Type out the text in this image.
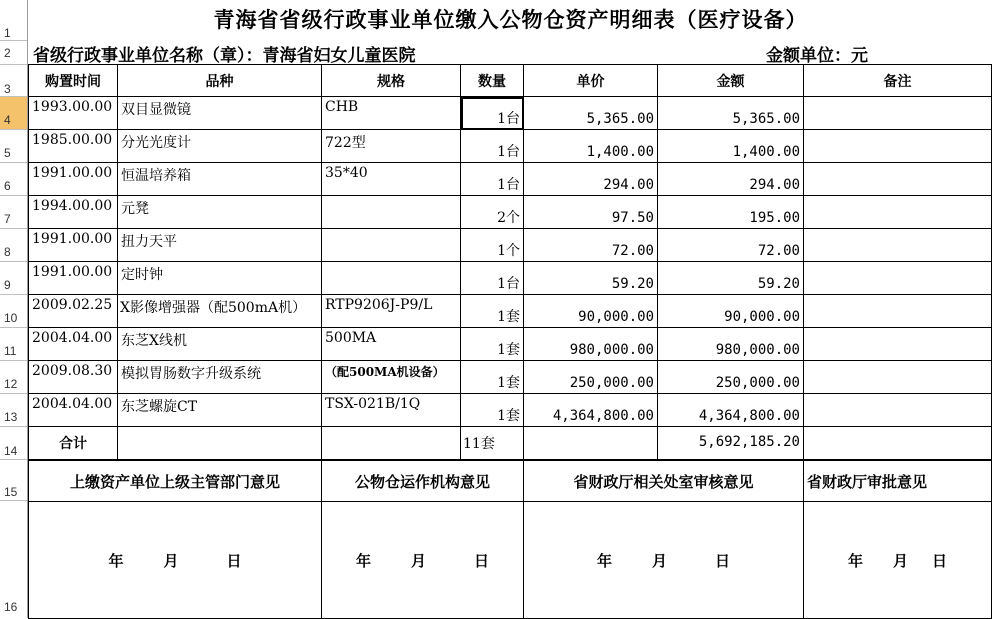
1
2
3
4
5
6
7
8
9
10
11
12
13
14
15
16
青海省省级行政事业单位缴入公物仓资产明细表（医疗设备）
省级行政事业单位名称（章）：青海省妇女儿童医院	金额单位：元
购置时间	品种	规格	数量	单价	金额	备注
1993.00.00	双目显微镜	CHB	1台	5,365.00	5,365.00	
1985.00.00	分光光度计	722型	1台	1,400.00	1,400.00	
1991.00.00	恒温培养箱	35*40	1台	294.00	294.00	
1994.00.00	元凳		2个	97.50	195.00	
1991.00.00	扭力天平		1个	72.00	72.00	
1991.00.00	定时钟		1台	59.20	59.20	
2009.02.25	X影像增强器（配500mA机）	RTP9206J-P9/L	1套	90,000.00	90,000.00	
2004.04.00	东芝X线机	500MA	1套	980,000.00	980,000.00	
2009.08.30	模拟胃肠数字升级系统	（配500MA机设备）	1套	250,000.00	250,000.00	
2004.04.00	东芝螺旋CT	TSX-021B/1Q	1套	4,364,800.00	4,364,800.00	
合计			11套		5,692,185.20	
上缴资产单位上级主管部门意见	公物仓运作机构意见	省财政厅相关处室审核意见	省财政厅审批意见
年 月 日	年 月 日	年 月 日	年 月 日
